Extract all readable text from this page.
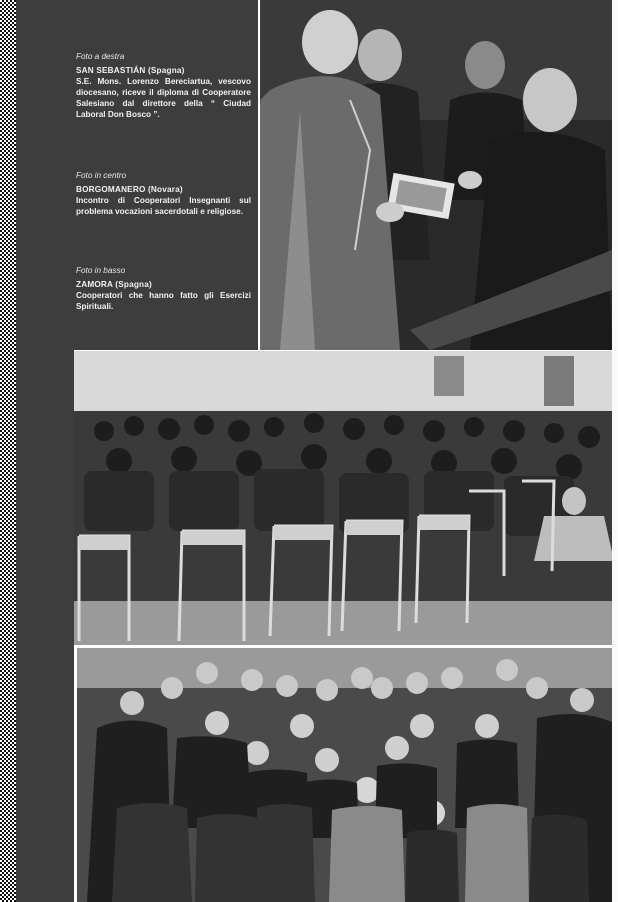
Foto a destra
SAN SEBASTIÁN (Spagna)
S.E. Mons. Lorenzo Bereciartua, vescovo diocesano, riceve il diploma di Cooperatore Salesiano dal direttore della “ Ciudad Laboral Don Bosco ”.
Foto in centro
BORGOMANERO (Novara)
Incontro di Cooperatori Insegnanti sul problema vocazioni sacerdotali e religiose.
Foto in basso
ZAMORA (Spagna)
Cooperatori che hanno fatto gli Esercizi Spirituali.
